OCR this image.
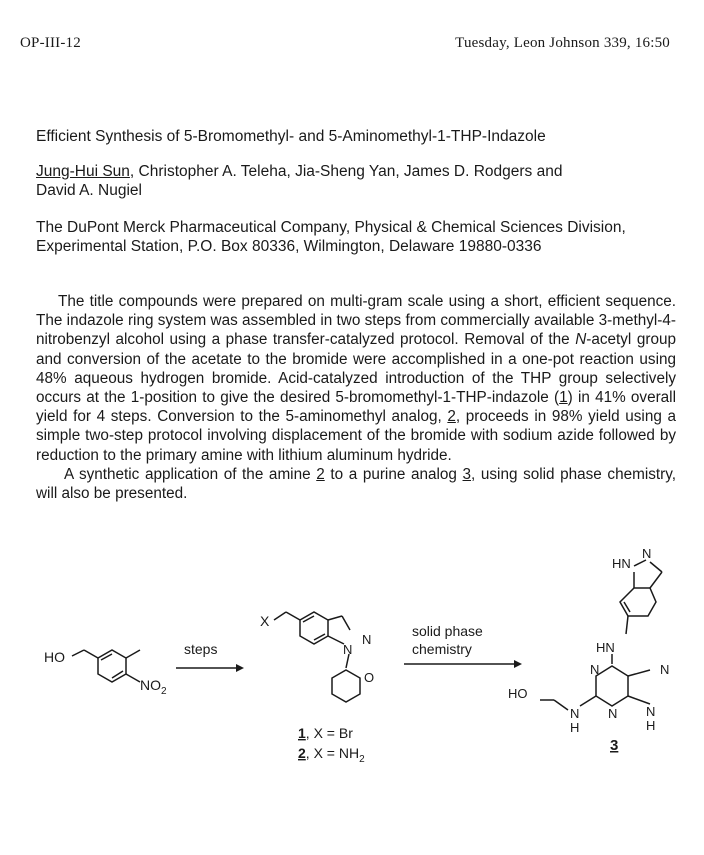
OP-III-12	Tuesday, Leon Johnson 339, 16:50
Efficient Synthesis of 5-Bromomethyl- and 5-Aminomethyl-1-THP-Indazole
Jung-Hui Sun, Christopher A. Teleha, Jia-Sheng Yan, James D. Rodgers and
David A. Nugiel
The DuPont Merck Pharmaceutical Company, Physical & Chemical Sciences Division, Experimental Station, P.O. Box 80336, Wilmington, Delaware 19880-0336

The title compounds were prepared on multi-gram scale using a short, efficient sequence. The indazole ring system was assembled in two steps from commercially available 3-methyl-4-nitrobenzyl alcohol using a phase transfer-catalyzed protocol. Removal of the N-acetyl group and conversion of the acetate to the bromide were accomplished in a one-pot reaction using 48% aqueous hydrogen bromide. Acid-catalyzed introduction of the THP group selectively occurs at the 1-position to give the desired 5-bromomethyl-1-THP-indazole (1) in 41% overall yield for 4 steps. Conversion to the 5-aminomethyl analog, 2, proceeds in 98% yield using a simple two-step protocol involving displacement of the bromide with sodium azide followed by reduction to the primary amine with lithium aluminum hydride.

A synthetic application of the amine 2 to a purine analog 3, using solid phase chemistry, will also be presented.

HO
$NO_2$
steps
X
N
N
O
1, X = Br
2, $X = NH_2$
solid phase
chemistry
HN
N
HN
N	N
N N
H
N
H
HO
3
